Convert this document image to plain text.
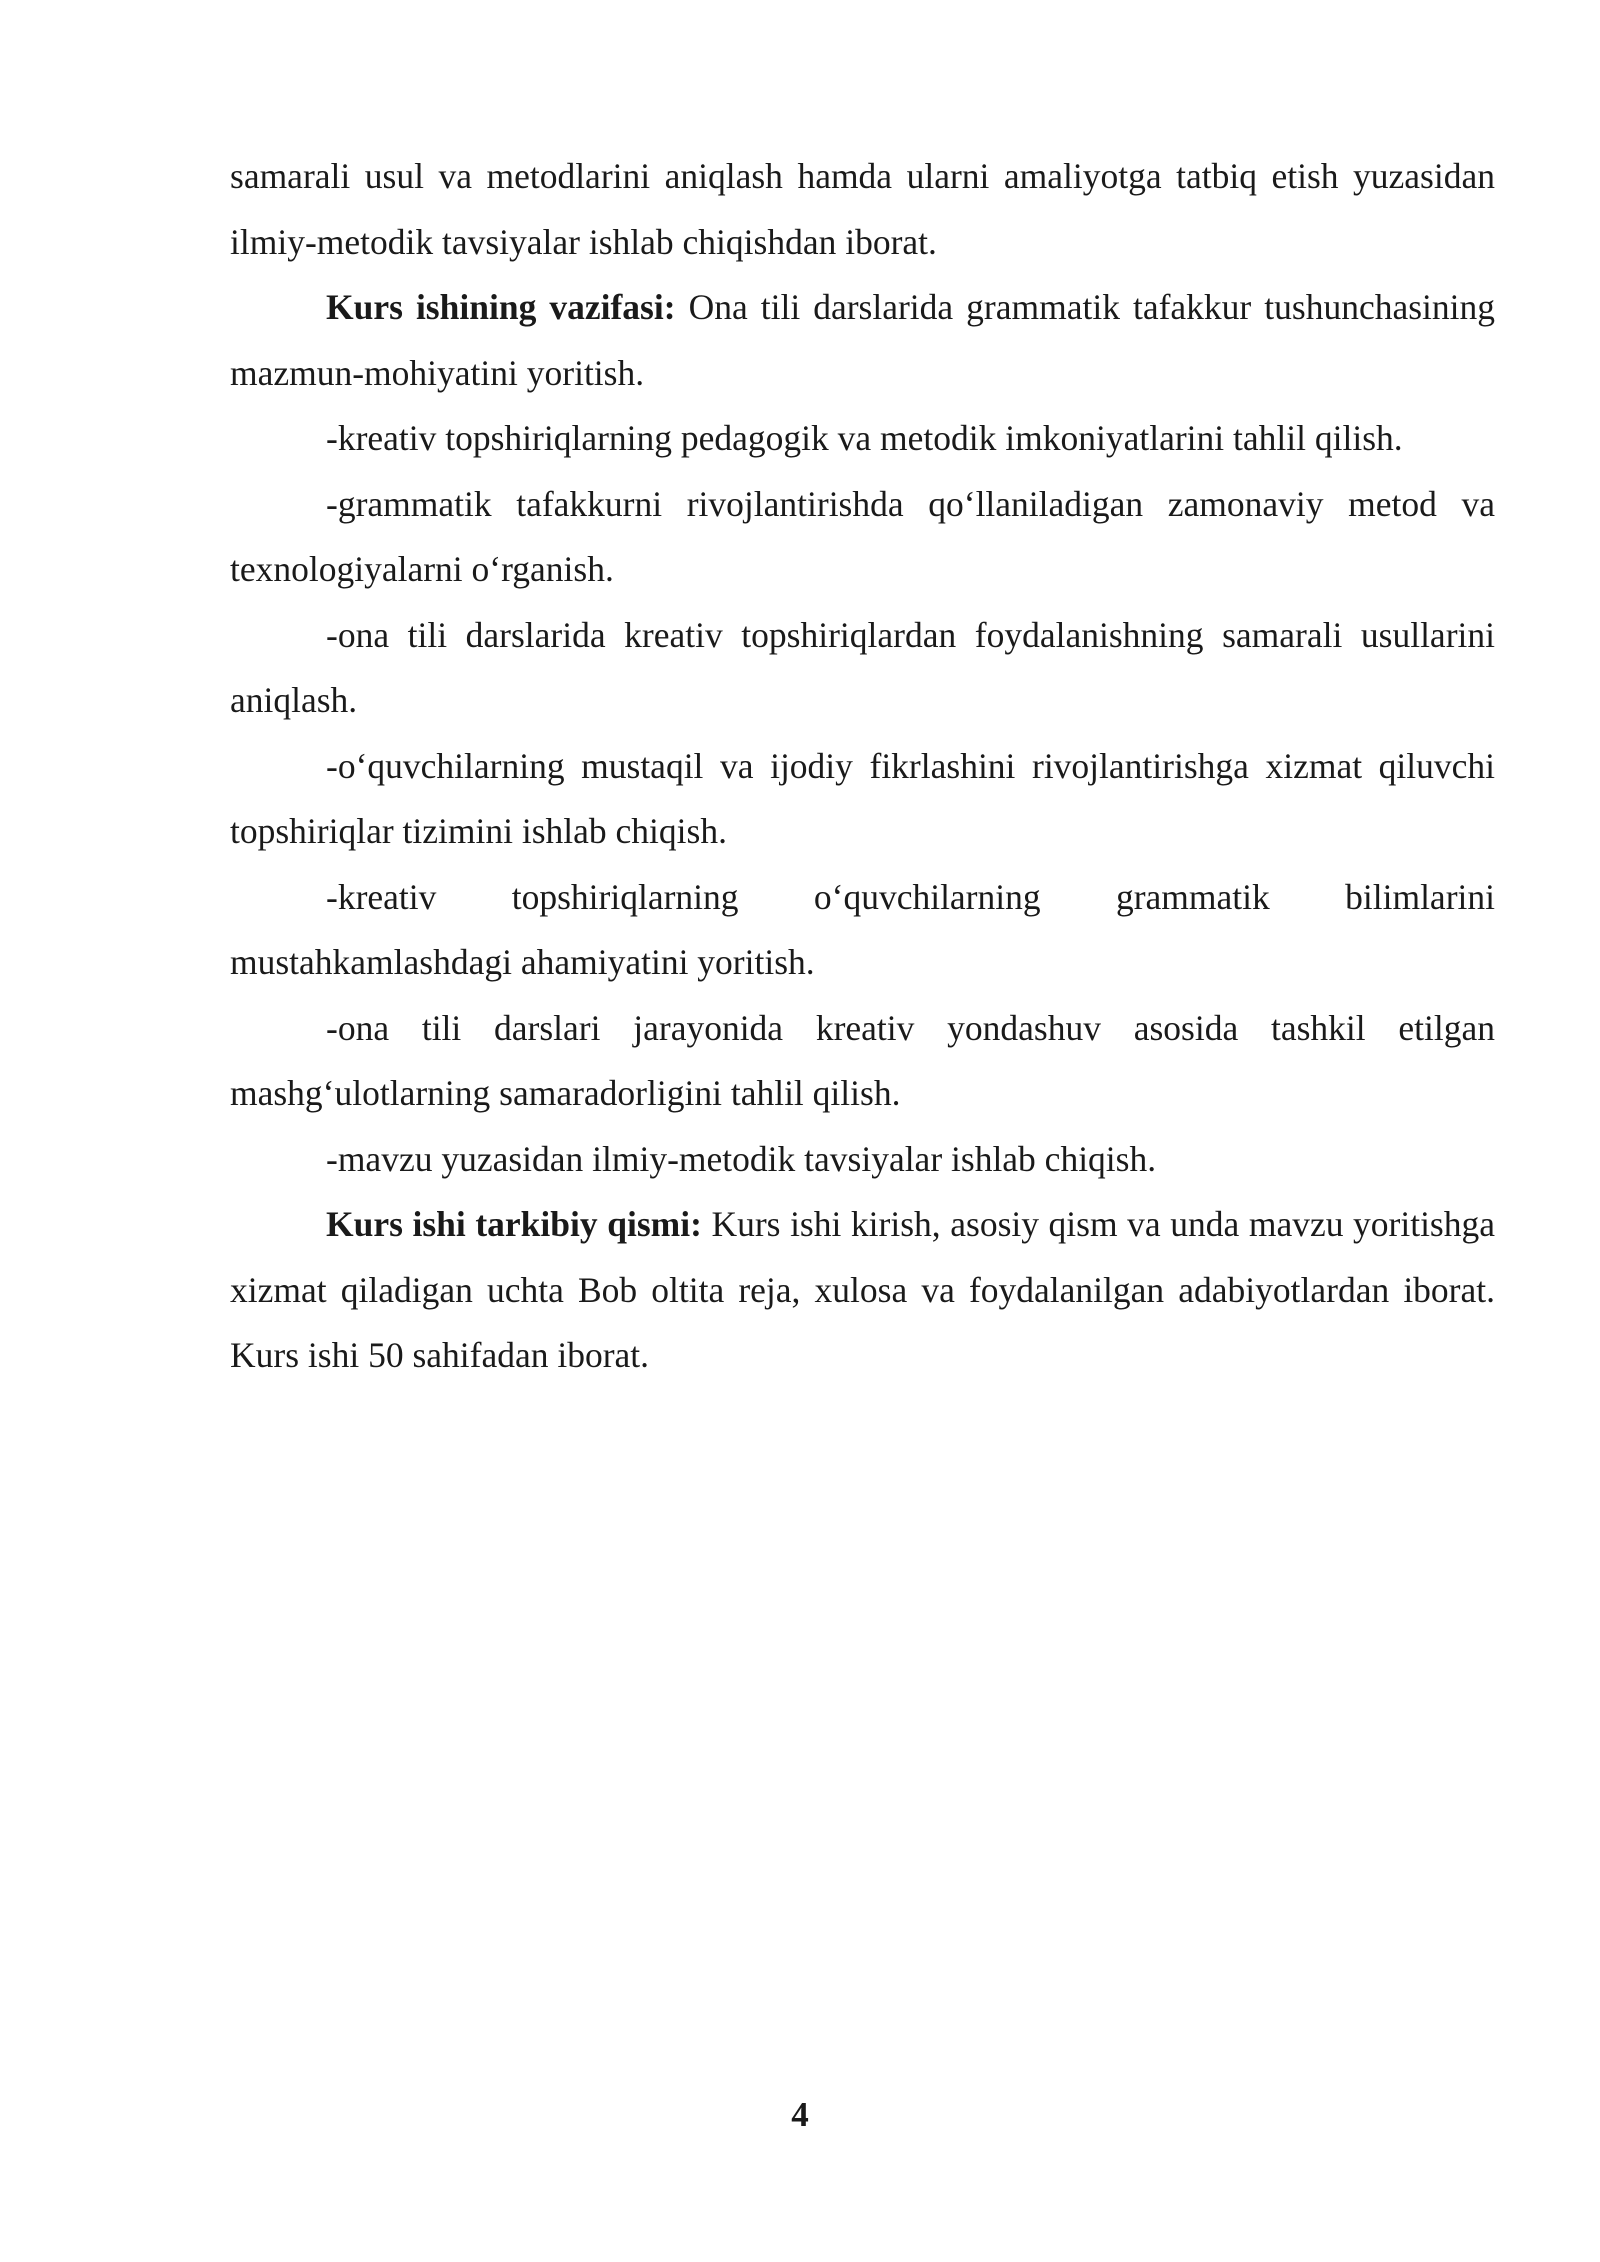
samarali usul va metodlarini aniqlash hamda ularni amaliyotga tatbiq etish yuzasidan ilmiy-metodik tavsiyalar ishlab chiqishdan iborat.

Kurs ishining vazifasi: Ona tili darslarida grammatik tafakkur tushunchasining mazmun-mohiyatini yoritish.

-kreativ topshiriqlarning pedagogik va metodik imkoniyatlarini tahlil qilish.

-grammatik tafakkurni rivojlantirishda qo‘llaniladigan zamonaviy metod va texnologiyalarni o‘rganish.

-ona tili darslarida kreativ topshiriqlardan foydalanishning samarali usullarini aniqlash.

-o‘quvchilarning mustaqil va ijodiy fikrlashini rivojlantirishga xizmat qiluvchi topshiriqlar tizimini ishlab chiqish.

-kreativ topshiriqlarning o‘quvchilarning grammatik bilimlarini mustahkamlashdagi ahamiyatini yoritish.

-ona tili darslari jarayonida kreativ yondashuv asosida tashkil etilgan mashg‘ulotlarning samaradorligini tahlil qilish.

-mavzu yuzasidan ilmiy-metodik tavsiyalar ishlab chiqish.

Kurs ishi tarkibiy qismi: Kurs ishi kirish, asosiy qism va unda mavzu yoritishga xizmat qiladigan uchta Bob oltita reja, xulosa va foydalanilgan adabiyotlardan iborat. Kurs ishi 50 sahifadan iborat.

4
